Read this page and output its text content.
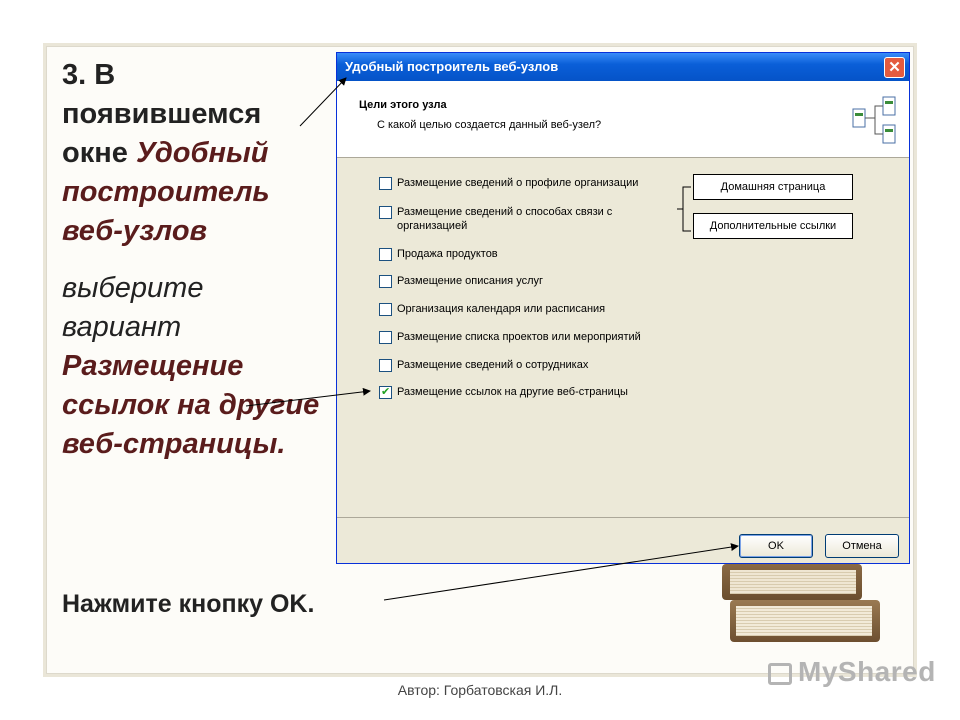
3. В появившемся окне Удобный построитель веб-узлов
выберите вариант Размещение ссылок на другие веб-страницы.
Нажмите кнопку OK.
Удобный построитель веб-узлов	✕
Цели этого узла
С какой целью создается данный веб-узел?
Размещение сведений о профиле организации
Размещение сведений о способах связи с организацией
Продажа продуктов
Размещение описания услуг
Организация календаря или расписания
Размещение списка проектов или мероприятий
Размещение сведений о сотрудниках
✔
Размещение ссылок на другие веб-страницы
Домашняя страница
Дополнительные ссылки
OK	Отмена
MyShared
Автор: Горбатовская И.Л.
